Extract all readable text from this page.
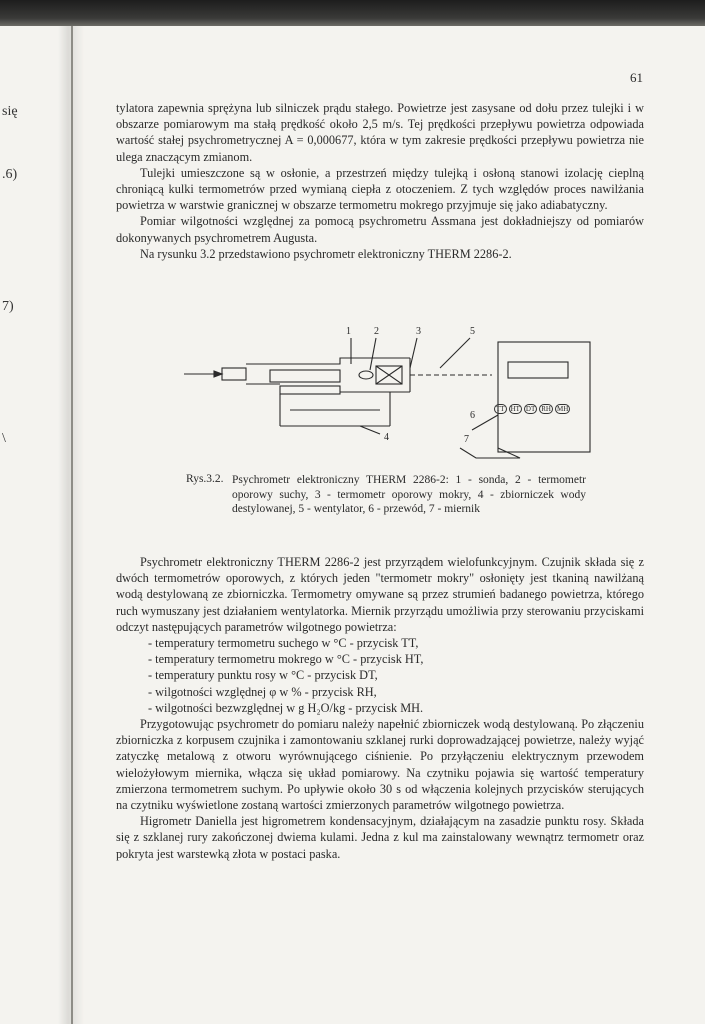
się
.6)
7)
\
61

tylatora zapewnia sprężyna lub silniczek prądu stałego. Powietrze jest zasysane od dołu przez tulejki i w obszarze pomiarowym ma stałą prędkość około 2,5 m/s. Tej prędkości przepływu powietrza odpowiada wartość stałej psychrometrycznej A = 0,000677, która w tym zakresie prędkości przepływu powietrza nie ulega znaczącym zmianom.

Tulejki umieszczone są w osłonie, a przestrzeń między tulejką i osłoną stanowi izolację cieplną chroniącą kulki termometrów przed wymianą ciepła z otoczeniem. Z tych względów proces nawilżania powietrza w warstwie granicznej w obszarze termometru mokrego przyjmuje się jako adiabatyczny.

Pomiar wilgotności względnej za pomocą psychrometru Assmana jest dokładniejszy od pomiarów dokonywanych psychrometrem Augusta.

Na rysunku 3.2 przedstawiono psychrometr elektroniczny THERM 2286-2.

1 2	3	5
6
4	7
TT HT DT RH MH
Rys.3.2. Psychrometr elektroniczny THERM 2286-2: 1 - sonda, 2 - termometr oporowy suchy, 3 - termometr oporowy mokry, 4 - zbiorniczek wody destylowanej, 5 - wentylator, 6 - przewód, 7 - miernik

Psychrometr elektroniczny THERM 2286-2 jest przyrządem wielofunkcyjnym. Czujnik składa się z dwóch termometrów oporowych, z których jeden "termometr mokry" osłonięty jest tkaniną nawilżaną wodą destylowaną ze zbiorniczka. Termometry omywane są przez strumień badanego powietrza, którego ruch wymuszany jest działaniem wentylatorka. Miernik przyrządu umożliwia przy sterowaniu przyciskami odczyt następujących parametrów wilgotnego powietrza:

- temperatury termometru suchego w °C - przycisk TT,
- temperatury termometru mokrego w °C - przycisk HT,
- temperatury punktu rosy w °C - przycisk DT,
- wilgotności względnej φ w % - przycisk RH,
- wilgotności bezwzględnej w g H₂O/kg - przycisk MH.

Przygotowując psychrometr do pomiaru należy napełnić zbiorniczek wodą destylowaną. Po złączeniu zbiorniczka z korpusem czujnika i zamontowaniu szklanej rurki doprowadzającej powietrze, należy wyjąć zatyczkę metalową z otworu wyrównującego ciśnienie. Po przyłączeniu elektrycznym przewodem wielożyłowym miernika, włącza się układ pomiarowy. Na czytniku pojawia się wartość temperatury zmierzona termometrem suchym. Po upływie około 30 s od włączenia kolejnych przycisków sterujących na czytniku wyświetlone zostaną wartości zmierzonych parametrów wilgotnego powietrza.

Higrometr Daniella jest higrometrem kondensacyjnym, działającym na zasadzie punktu rosy. Składa się z szklanej rury zakończonej dwiema kulami. Jedna z kul ma zainstalowany wewnątrz termometr oraz pokryta jest warstewką złota w postaci paska.
